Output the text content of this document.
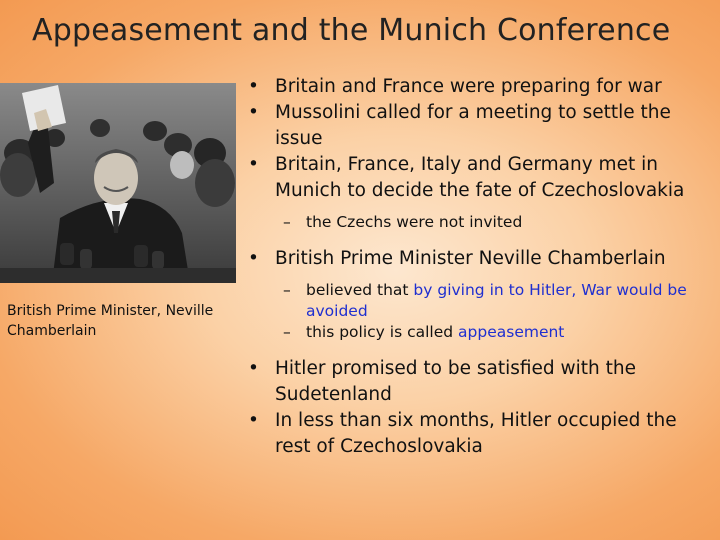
Appeasement and the Munich Conference
British Prime Minister, Neville Chamberlain
• Britain and France were preparing for war
• Mussolini called for a meeting to settle the
issue
• Britain, France, Italy and Germany met in
Munich to decide the fate of Czechoslovakia
– the Czechs were not invited
• British Prime Minister Neville Chamberlain
– believed that by giving in to Hitler, War would be
avoided
– this policy is called appeasement
• Hitler promised to be satisfied with the
Sudetenland
• In less than six months, Hitler occupied the
rest of Czechoslovakia
